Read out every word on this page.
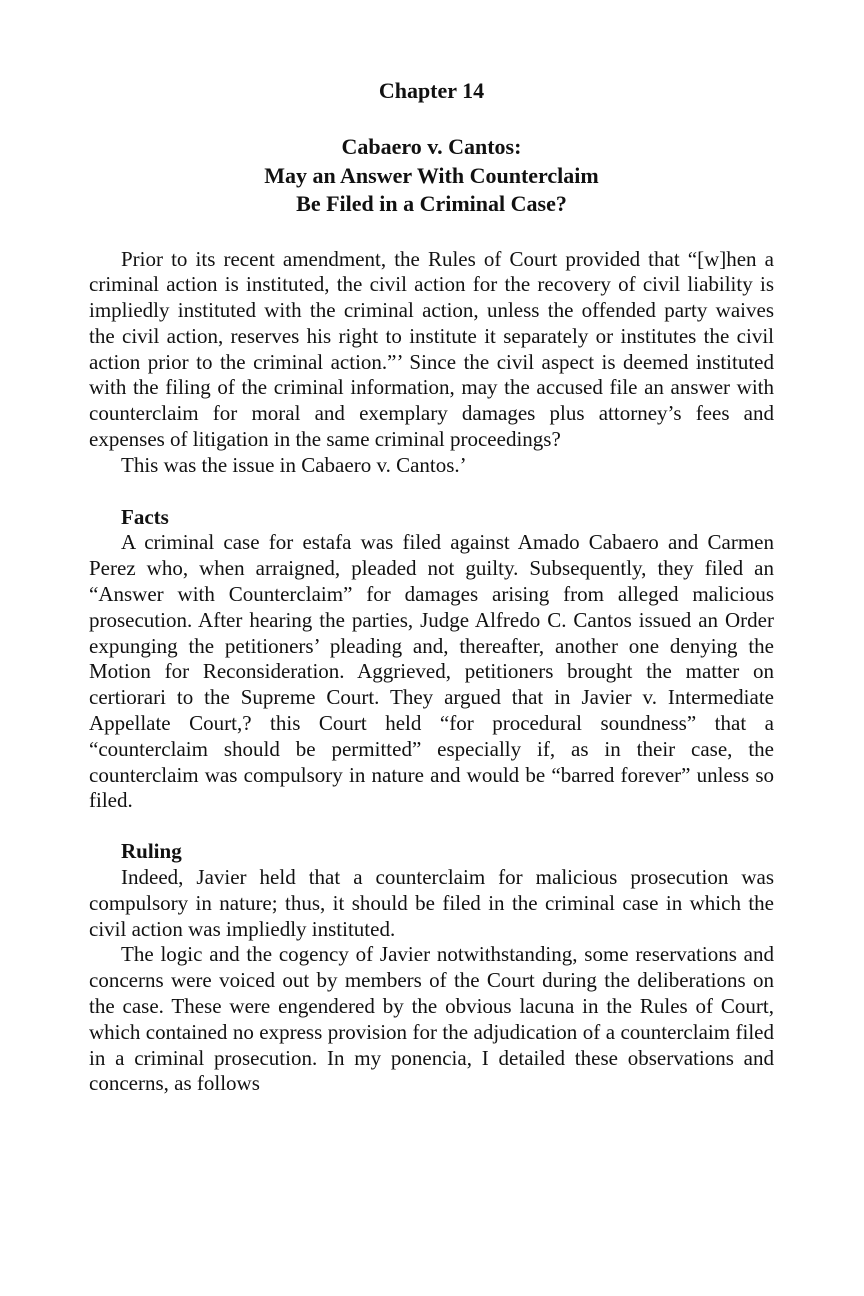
Chapter 14
Cabaero v. Cantos:
May an Answer With Counterclaim
Be Filed in a Criminal Case?

Prior to its recent amendment, the Rules of Court provided that “[w]hen a criminal action is instituted, the civil action for the recovery of civil liability is impliedly instituted with the criminal action, unless the offended party waives the civil action, reserves his right to institute it separately or institutes the civil action prior to the criminal action.”’ Since the civil aspect is deemed instituted with the filing of the criminal information, may the accused file an answer with counterclaim for moral and exemplary damages plus attorney’s fees and expenses of litigation in the same criminal proceedings?

This was the issue in Cabaero v. Cantos.’

Facts

A criminal case for estafa was filed against Amado Cabaero and Carmen Perez who, when arraigned, pleaded not guilty. Subsequently, they filed an “Answer with Counterclaim” for damages arising from alleged malicious prosecution. After hearing the parties, Judge Alfredo C. Cantos issued an Order expunging the petitioners’ pleading and, thereafter, another one denying the Motion for Reconsideration. Aggrieved, petitioners brought the matter on certiorari to the Supreme Court. They argued that in Javier v. Intermediate Appellate Court,? this Court held “for procedural soundness” that a “counterclaim should be permitted” especially if, as in their case, the counterclaim was compulsory in nature and would be “barred forever” unless so filed.

Ruling

Indeed, Javier held that a counterclaim for malicious prosecution was compulsory in nature; thus, it should be filed in the criminal case in which the civil action was impliedly instituted.

The logic and the cogency of Javier notwithstanding, some reservations and concerns were voiced out by members of the Court during the deliberations on the case. These were engendered by the obvious lacuna in the Rules of Court, which contained no express provision for the adjudication of a counterclaim filed in a criminal prosecution. In my ponencia, I detailed these observations and concerns, as follows
